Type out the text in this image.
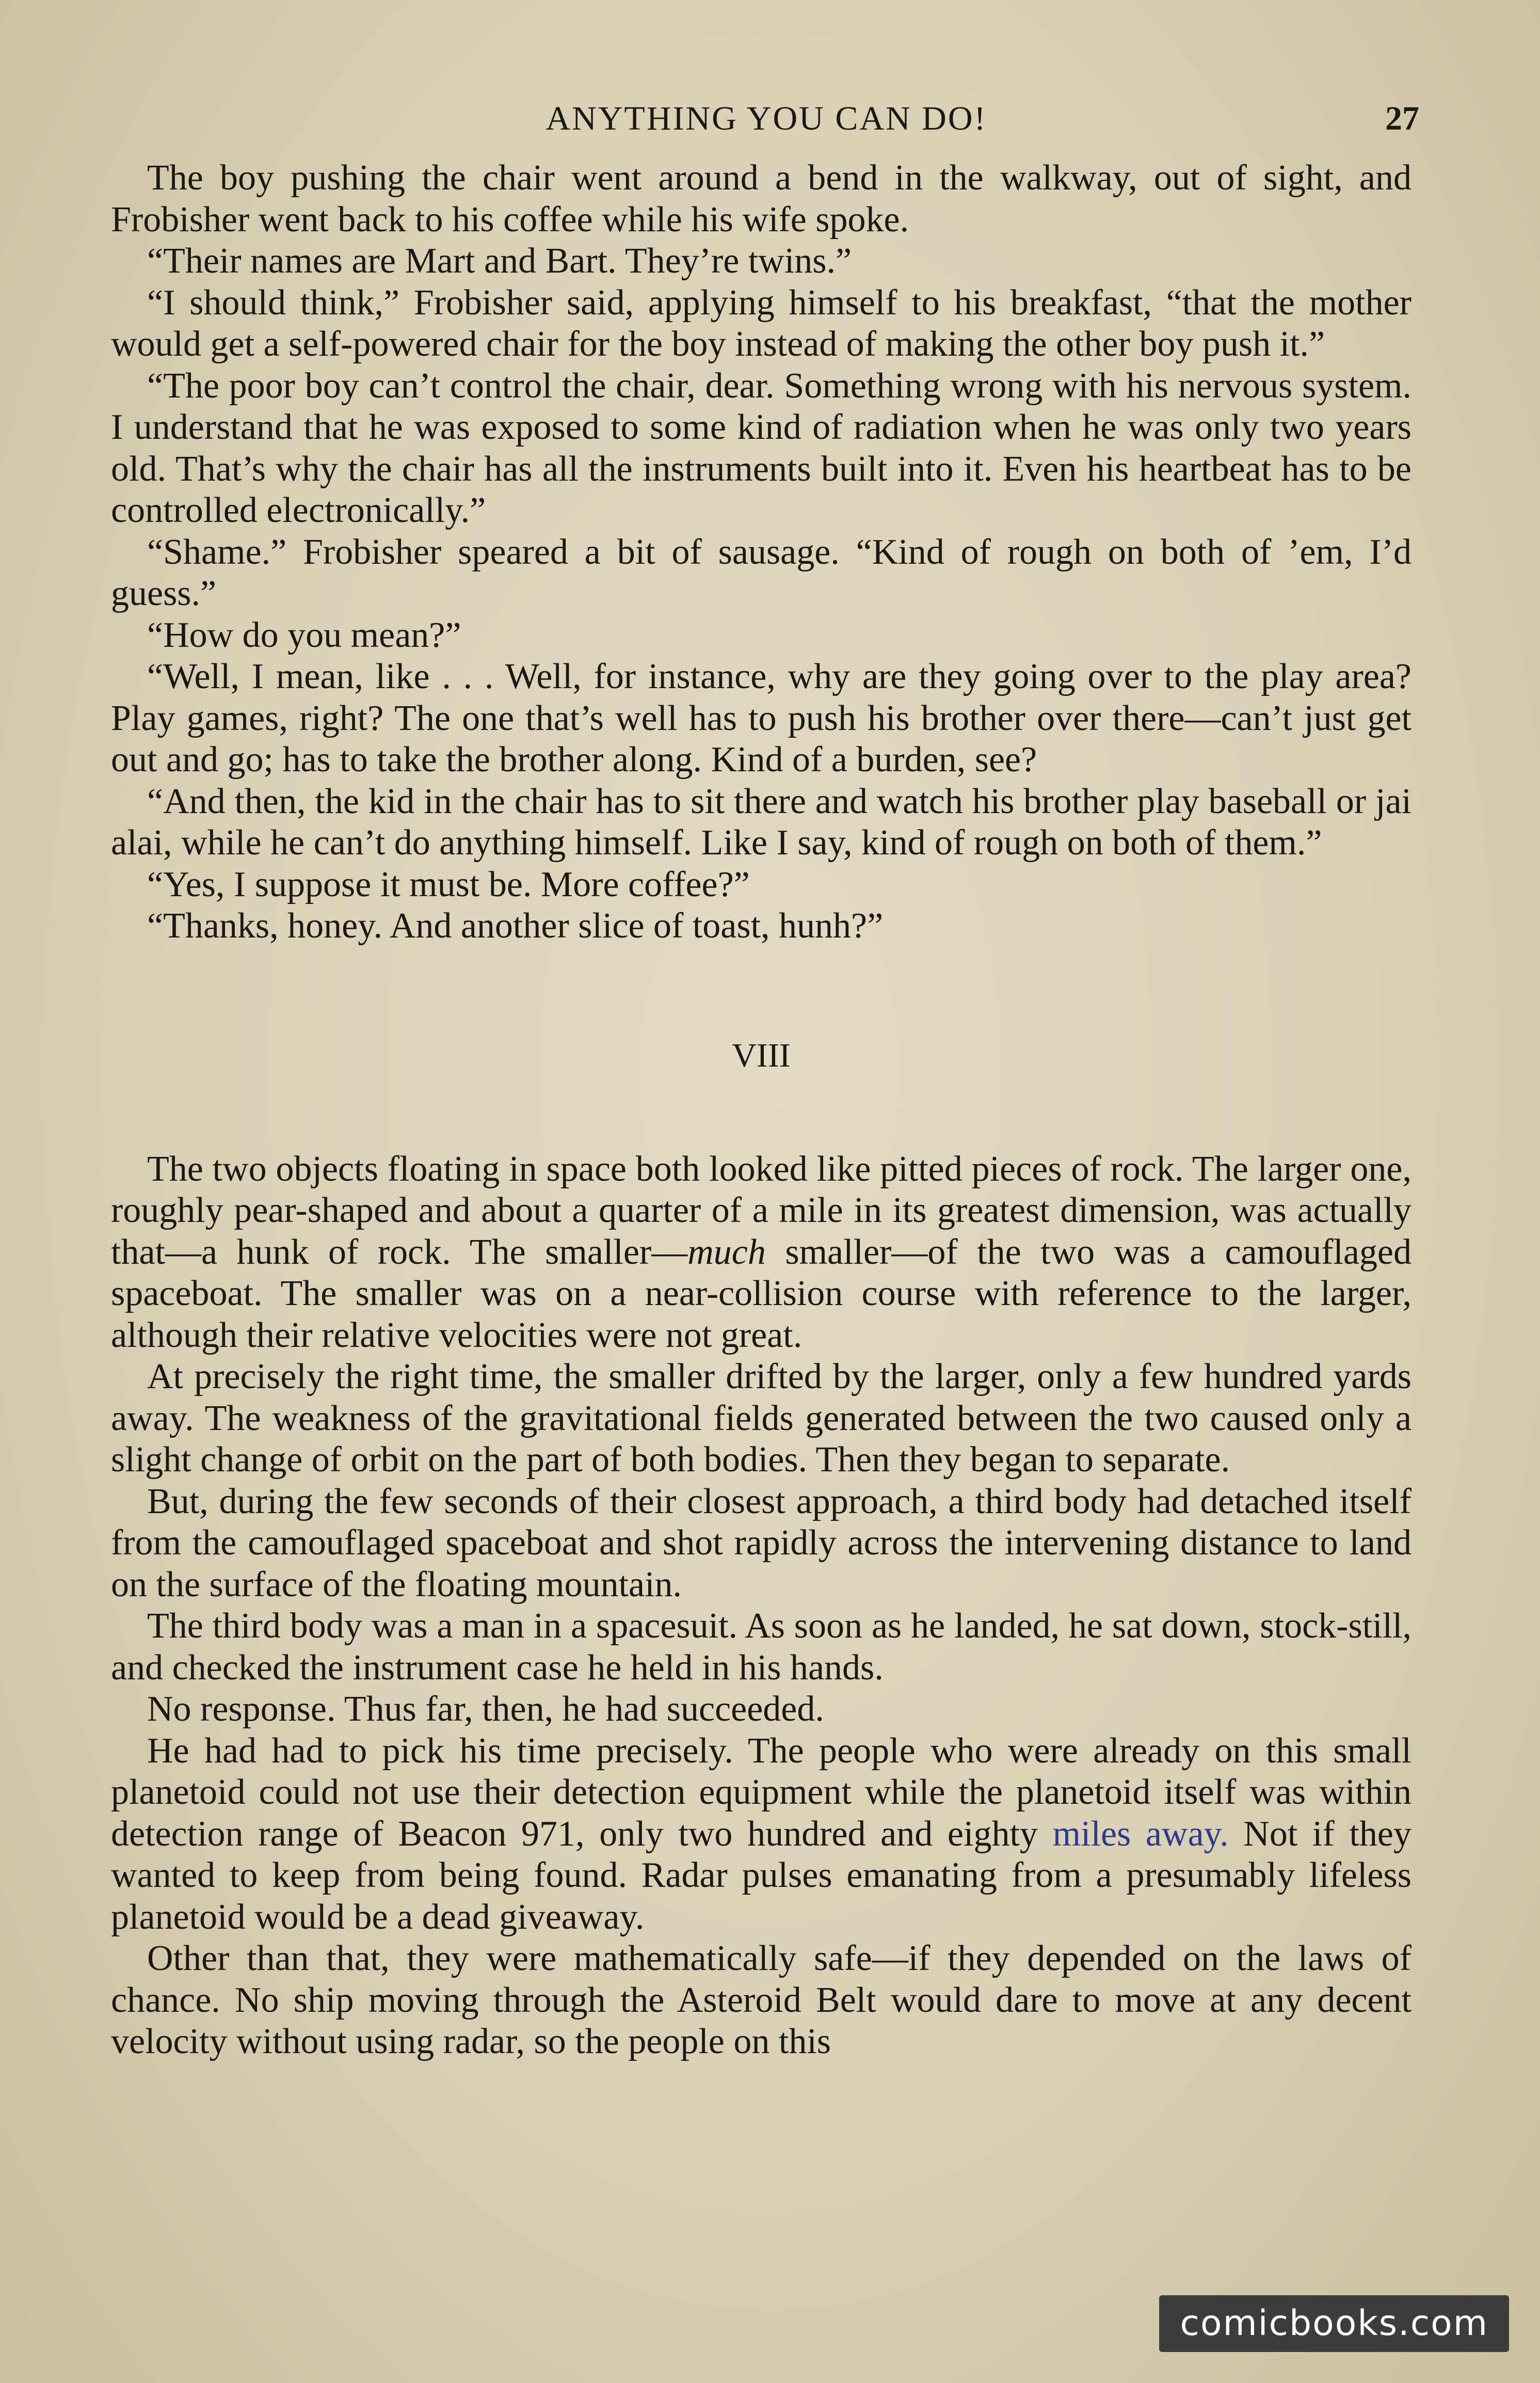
ANYTHING YOU CAN DO!	27

The boy pushing the chair went around a bend in the walkway, out of sight, and Frobisher went back to his coffee while his wife spoke.

“Their names are Mart and Bart. They’re twins.”

“I should think,” Frobisher said, applying himself to his breakfast, “that the mother would get a self-powered chair for the boy instead of making the other boy push it.”

“The poor boy can’t control the chair, dear. Something wrong with his nervous system. I understand that he was exposed to some kind of radiation when he was only two years old. That’s why the chair has all the instruments built into it. Even his heartbeat has to be controlled electronically.”

“Shame.” Frobisher speared a bit of sausage. “Kind of rough on both of ’em, I’d guess.”

“How do you mean?”

“Well, I mean, like . . . Well, for instance, why are they going over to the play area? Play games, right? The one that’s well has to push his brother over there—can’t just get out and go; has to take the brother along. Kind of a burden, see?

“And then, the kid in the chair has to sit there and watch his brother play baseball or jai alai, while he can’t do anything himself. Like I say, kind of rough on both of them.”

“Yes, I suppose it must be. More coffee?”

“Thanks, honey. And another slice of toast, hunh?”

VIII

The two objects floating in space both looked like pitted pieces of rock. The larger one, roughly pear-shaped and about a quarter of a mile in its greatest dimension, was actually that—a hunk of rock. The smaller—much smaller—of the two was a camouflaged spaceboat. The smaller was on a near-collision course with reference to the larger, although their relative velocities were not great.

At precisely the right time, the smaller drifted by the larger, only a few hundred yards away. The weakness of the gravitational fields generated between the two caused only a slight change of orbit on the part of both bodies. Then they began to separate.

But, during the few seconds of their closest approach, a third body had detached itself from the camouflaged spaceboat and shot rapidly across the intervening distance to land on the surface of the floating mountain.

The third body was a man in a spacesuit. As soon as he landed, he sat down, stock-still, and checked the instrument case he held in his hands.

No response. Thus far, then, he had succeeded.

He had had to pick his time precisely. The people who were already on this small planetoid could not use their detection equipment while the planetoid itself was within detection range of Beacon 971, only two hundred and eighty miles away. Not if they wanted to keep from being found. Radar pulses emanating from a presumably lifeless planetoid would be a dead giveaway.

Other than that, they were mathematically safe—if they depended on the laws of chance. No ship moving through the Asteroid Belt would dare to move at any decent velocity without using radar, so the people on this

comicbooks.com
